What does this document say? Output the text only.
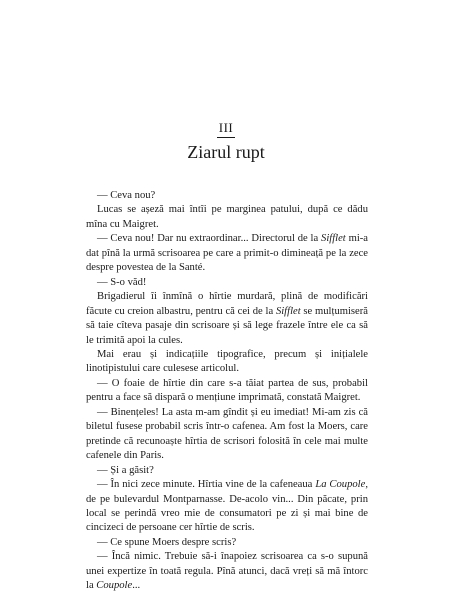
III
Ziarul rupt

— Ceva nou?

Lucas se așeză mai întîi pe marginea patului, după ce dădu mîna cu Maigret.

— Ceva nou! Dar nu extraordinar... Directorul de la Sifflet mi-a dat pînă la urmă scrisoarea pe care a primit-o dimineață pe la zece despre povestea de la Santé.

— S-o văd!

Brigadierul îi înmînă o hîrtie murdară, plină de modificări făcute cu creion albastru, pentru că cei de la Sifflet se mulțumiseră să taie cîteva pasaje din scrisoare și să lege frazele între ele ca să le trimită apoi la cules.

Mai erau și indicațiile tipografice, precum și inițialele linotipistului care culesese articolul.

— O foaie de hîrtie din care s-a tăiat partea de sus, probabil pentru a face să dispară o mențiune imprimată, constată Maigret.

— Binențeles! La asta m-am gîndit și eu imediat! Mi-am zis că biletul fusese probabil scris într-o cafenea. Am fost la Moers, care pretinde că recunoaște hîrtia de scrisori folosită în cele mai multe cafenele din Paris.

— Și a găsit?

— În nici zece minute. Hîrtia vine de la cafeneaua La Coupole, de pe bulevardul Montparnasse. De-acolo vin... Din păcate, prin local se perindă vreo mie de consumatori pe zi și mai bine de cincizeci de persoane cer hîrtie de scris.

— Ce spune Moers despre scris?

— Încă nimic. Trebuie să-i înapoiez scrisoarea ca s-o supună unei expertize în toată regula. Pînă atunci, dacă vreți să mă întorc la Coupole...
